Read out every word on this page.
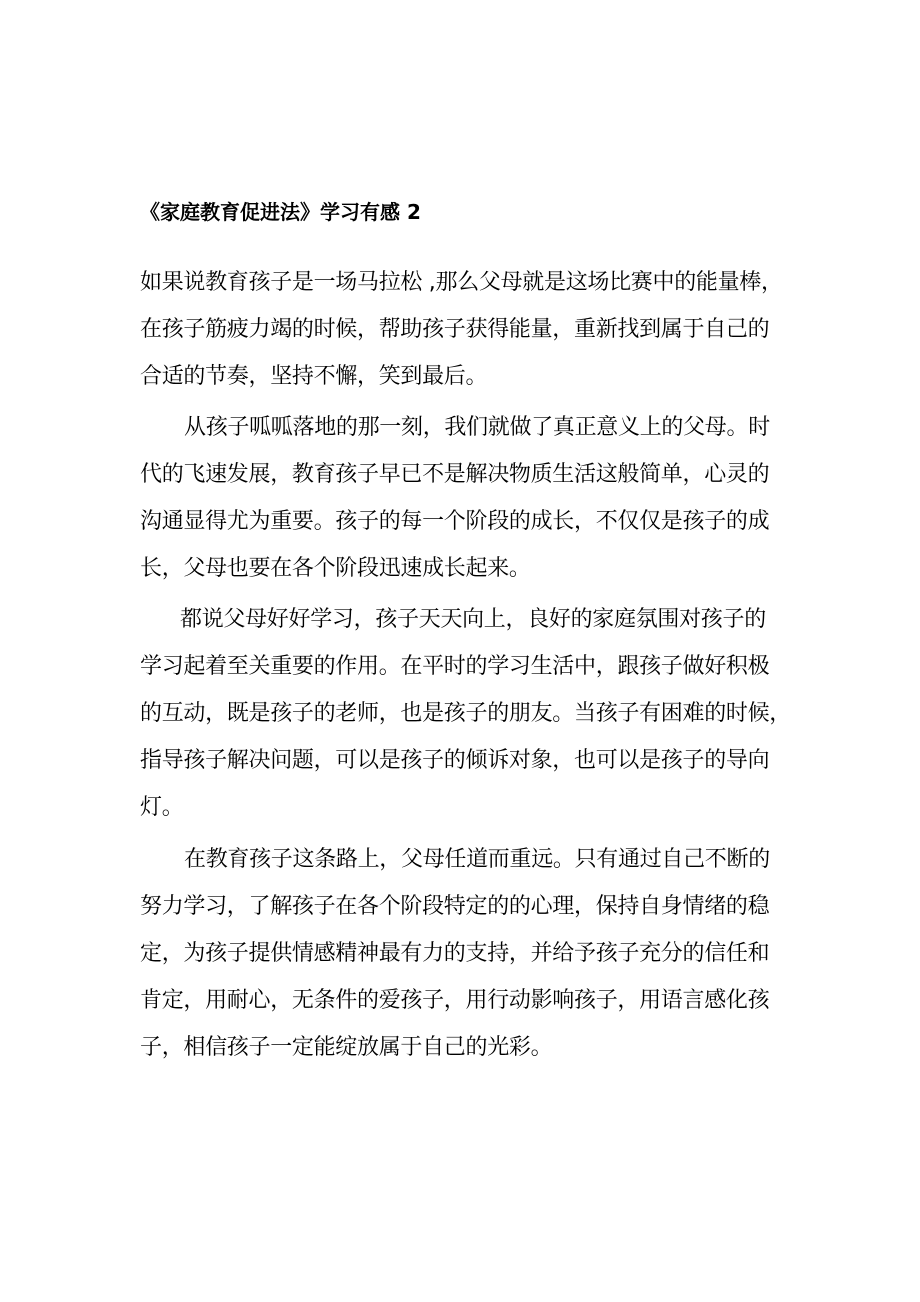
《家庭教育促进法》学习有感 2
如果说教育孩子是一场马拉松 ,那么父母就是这场比赛中的能量棒，
在孩子筋疲力竭的时候，帮助孩子获得能量，重新找到属于自己的
合适的节奏，坚持不懈，笑到最后。
从孩子呱呱落地的那一刻，我们就做了真正意义上的父母。时
代的飞速发展，教育孩子早已不是解决物质生活这般简单，心灵的
沟通显得尤为重要。孩子的每一个阶段的成长，不仅仅是孩子的成
长，父母也要在各个阶段迅速成长起来。
都说父母好好学习，孩子天天向上，良好的家庭氛围对孩子的
学习起着至关重要的作用。在平时的学习生活中，跟孩子做好积极
的互动，既是孩子的老师，也是孩子的朋友。当孩子有困难的时候，
指导孩子解决问题，可以是孩子的倾诉对象，也可以是孩子的导向
灯。
在教育孩子这条路上，父母任道而重远。只有通过自己不断的
努力学习，了解孩子在各个阶段特定的的心理，保持自身情绪的稳
定，为孩子提供情感精神最有力的支持，并给予孩子充分的信任和
肯定，用耐心，无条件的爱孩子，用行动影响孩子，用语言感化孩
子，相信孩子一定能绽放属于自己的光彩。
